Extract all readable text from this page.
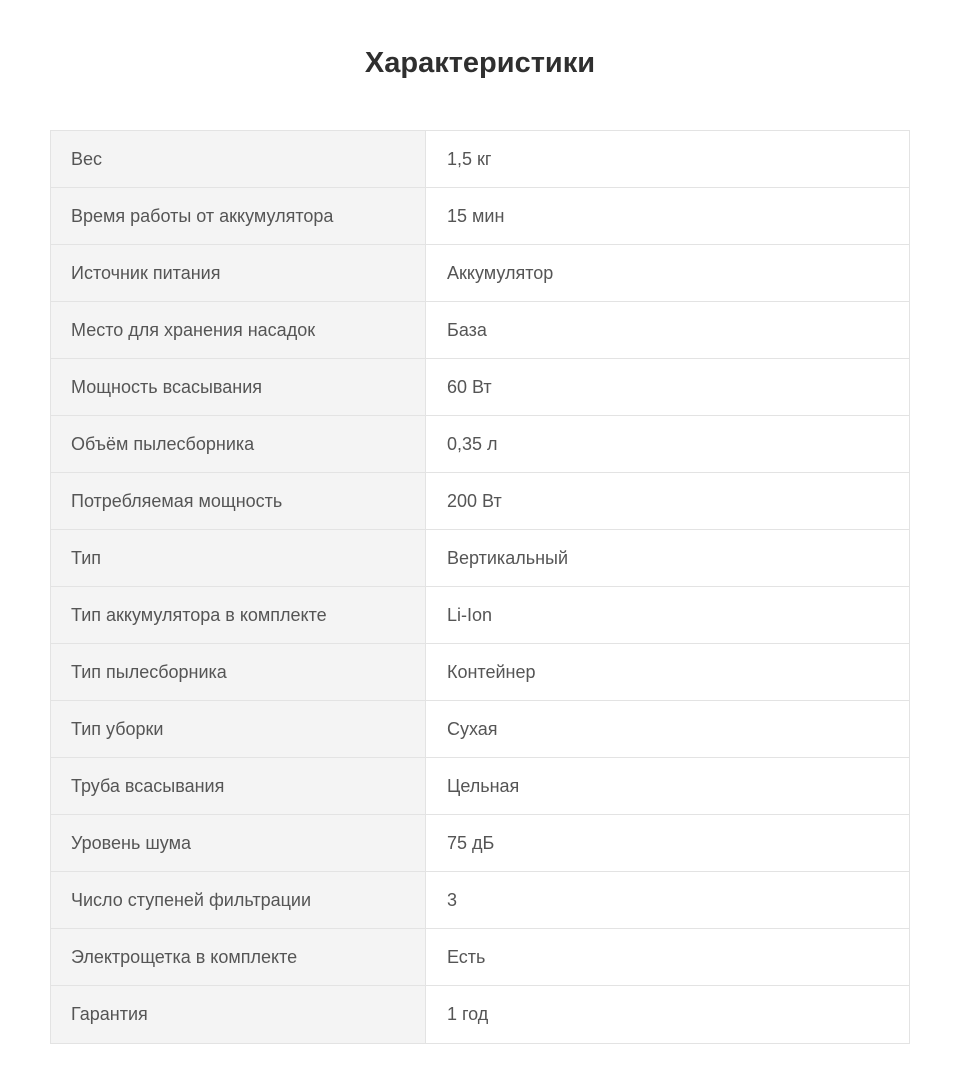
Характеристики
Вес	1,5 кг
Время работы от аккумулятора	15 мин
Источник питания	Аккумулятор
Место для хранения насадок	База
Мощность всасывания	60 Вт
Объём пылесборника	0,35 л
Потребляемая мощность	200 Вт
Тип	Вертикальный
Тип аккумулятора в комплекте	Li-Ion
Тип пылесборника	Контейнер
Тип уборки	Сухая
Труба всасывания	Цельная
Уровень шума	75 дБ
Число ступеней фильтрации	3
Электрощетка в комплекте	Есть
Гарантия	1 год
